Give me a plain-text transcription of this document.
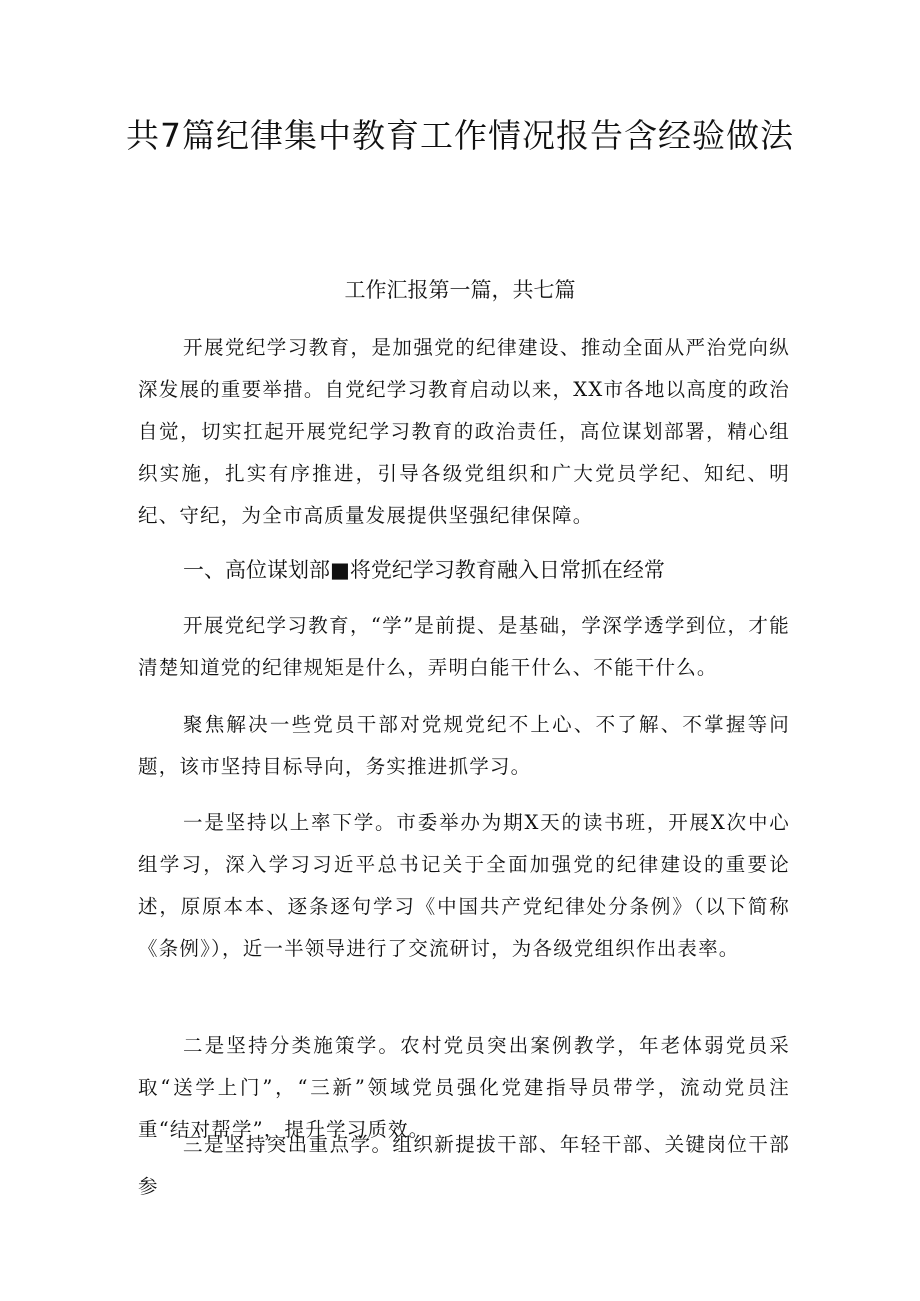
共7篇纪律集中教育工作情况报告含经验做法
工作汇报第一篇，共七篇

开展党纪学习教育，是加强党的纪律建设、推动全面从严治党向纵深发展的重要举措。自党纪学习教育启动以来，XX市各地以高度的政治自觉，切实扛起开展党纪学习教育的政治责任，高位谋划部署，精心组织实施，扎实有序推进，引导各级党组织和广大党员学纪、知纪、明纪、守纪，为全市高质量发展提供坚强纪律保障。

一、高位谋划部■将党纪学习教育融入日常抓在经常

开展党纪学习教育，“学”是前提、是基础，学深学透学到位，才能清楚知道党的纪律规矩是什么，弄明白能干什么、不能干什么。

聚焦解决一些党员干部对党规党纪不上心、不了解、不掌握等问题，该市坚持目标导向，务实推进抓学习。

一是坚持以上率下学。市委举办为期X天的读书班，开展X次中心组学习，深入学习习近平总书记关于全面加强党的纪律建设的重要论述，原原本本、逐条逐句学习《中国共产党纪律处分条例》（以下简称《条例》），近一半领导进行了交流研讨，为各级党组织作出表率。

二是坚持分类施策学。农村党员突出案例教学，年老体弱党员采取“送学上门”，“三新”领域党员强化党建指导员带学，流动党员注重“结对帮学”，提升学习质效。

三是坚持突出重点学。组织新提拔干部、年轻干部、关键岗位干部参
